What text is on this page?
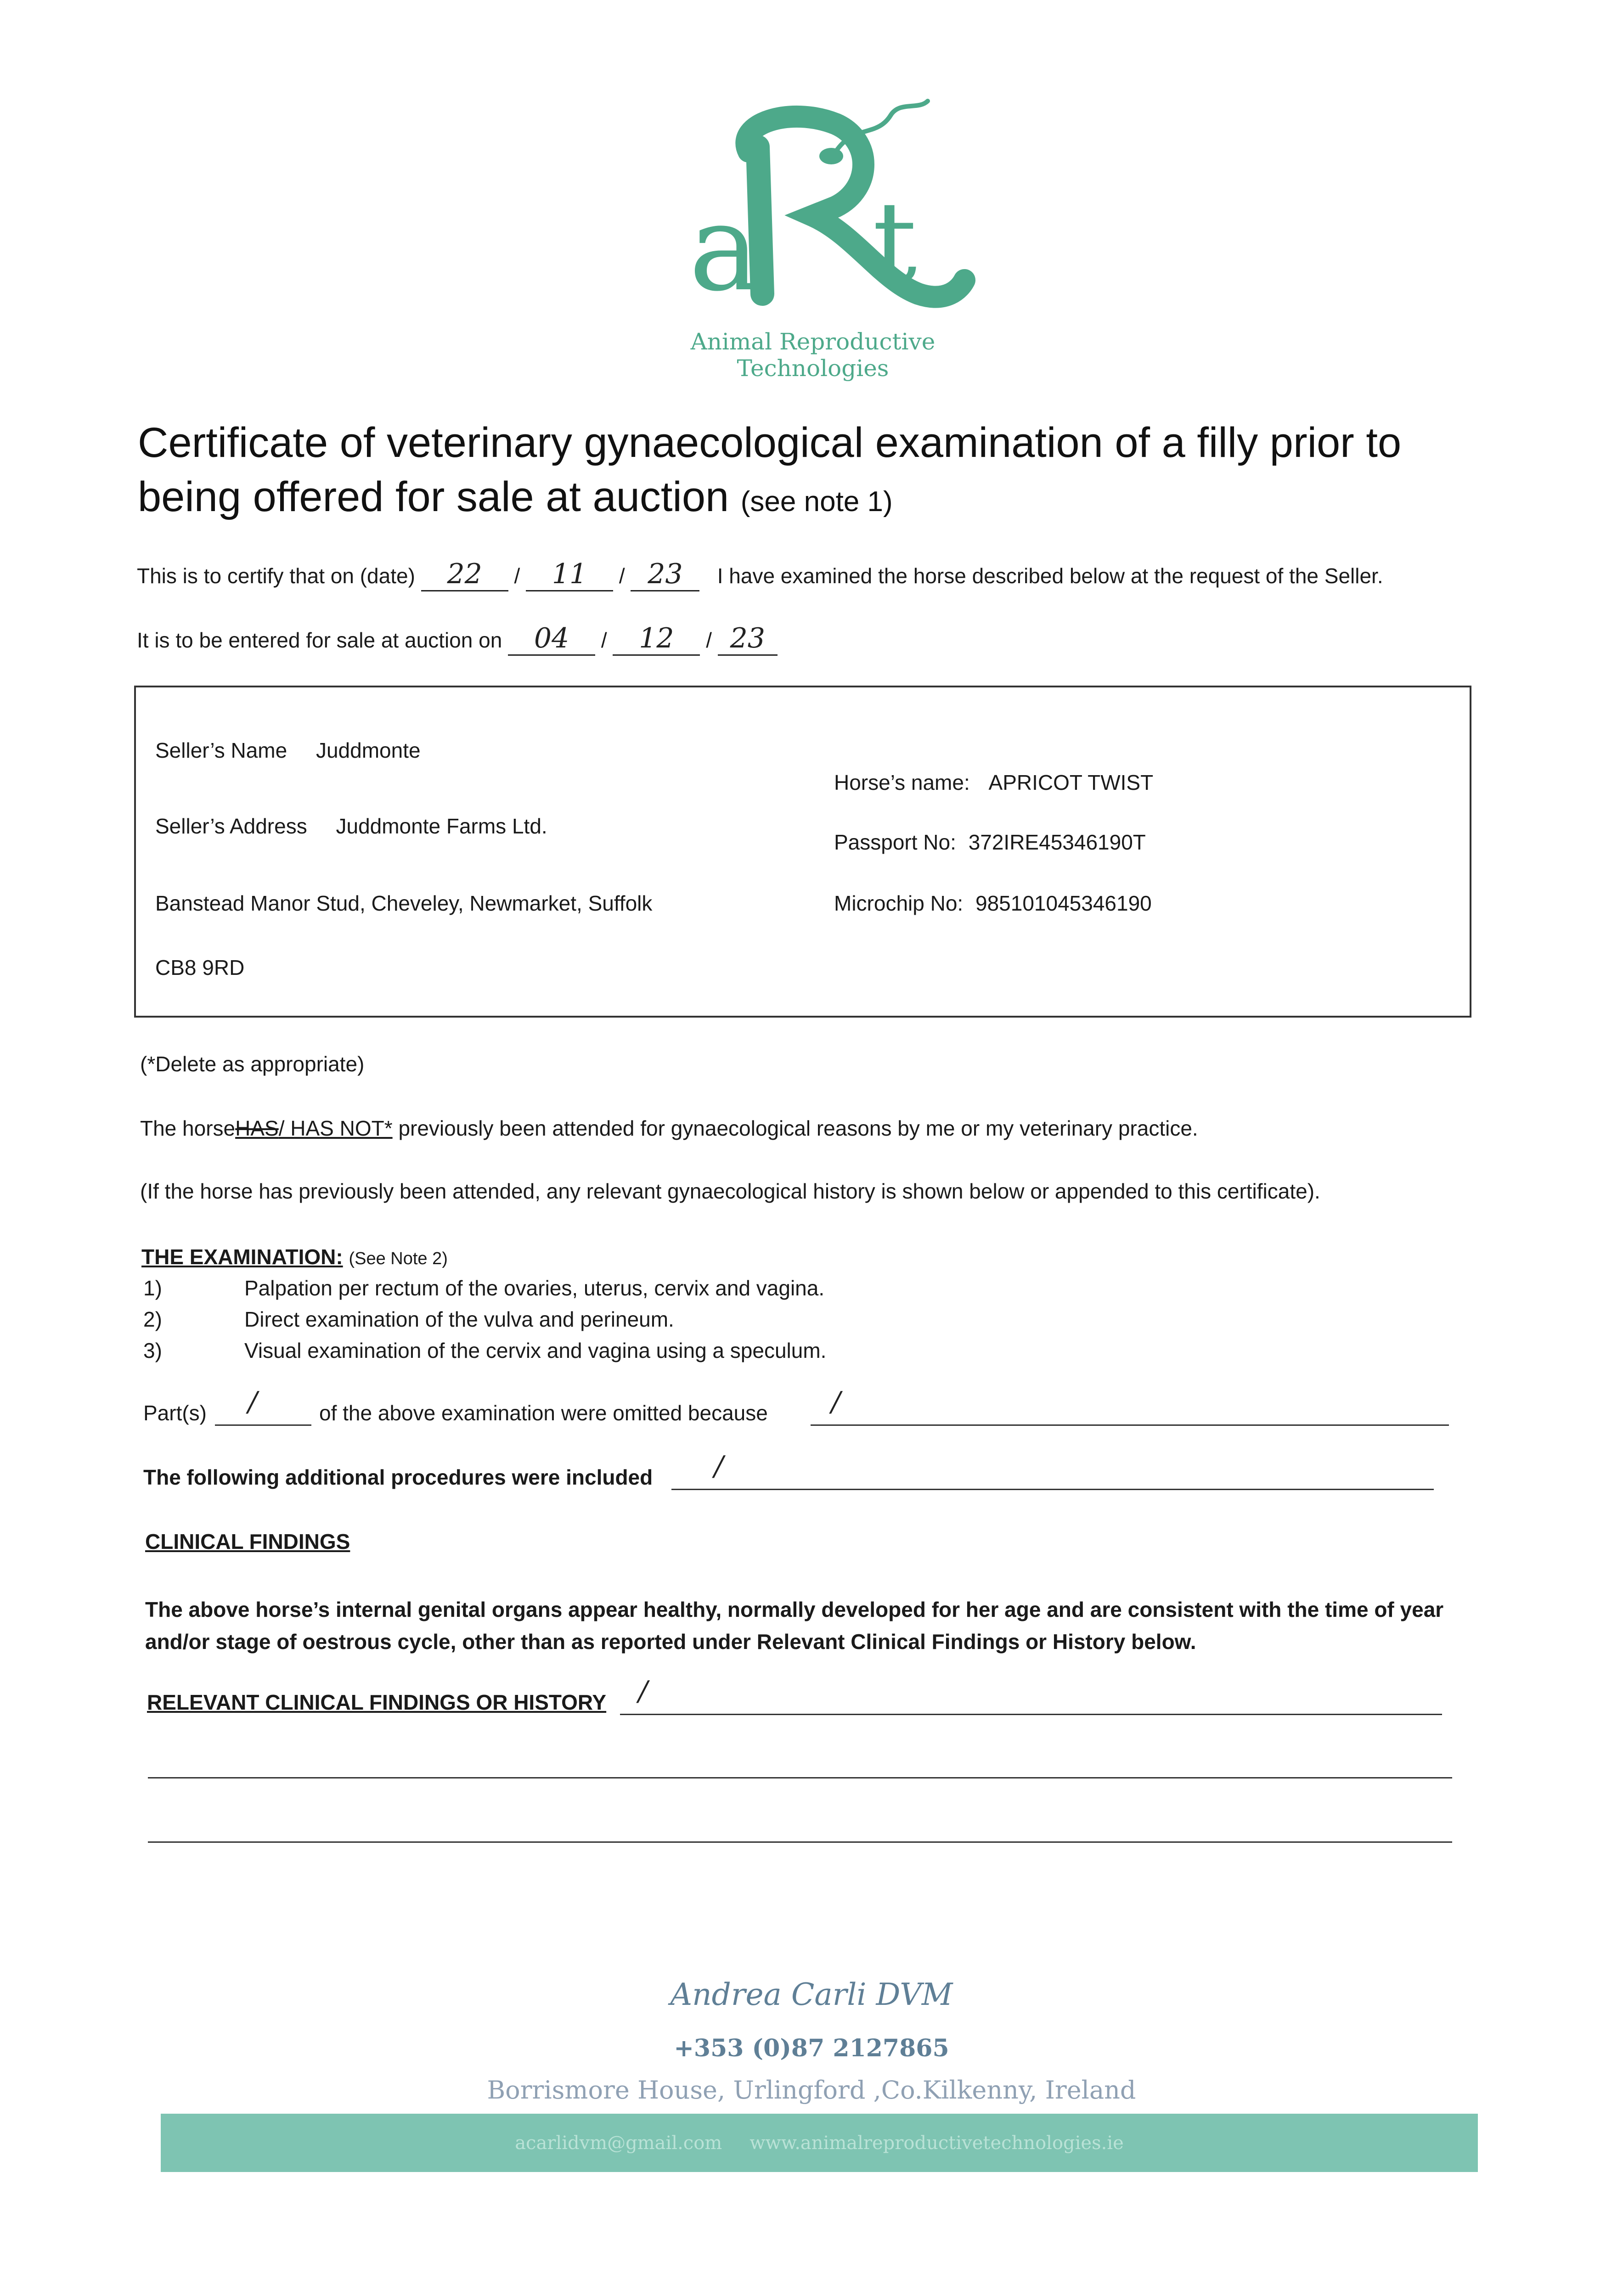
a t
Animal Reproductive Technologies
Certificate of veterinary gynaecological examination of a filly prior to being offered for sale at auction (see note 1)
This is to certify that on (date) 22 / 11 / 23 I have examined the horse described below at the request of the Seller.
It is to be entered for sale at auction on 04 / 12 / 23
Seller’s Name Juddmonte
Seller’s Address Juddmonte Farms Ltd.
Banstead Manor Stud, Cheveley, Newmarket, Suffolk
CB8 9RD
Horse’s name: APRICOT TWIST
Passport No: 372IRE45346190T
Microchip No: 985101045346190
(*Delete as appropriate)
The horseHAS/ HAS NOT* previously been attended for gynaecological reasons by me or my veterinary practice.
(If the horse has previously been attended, any relevant gynaecological history is shown below or appended to this certificate).
THE EXAMINATION: (See Note 2)
1)	Palpation per rectum of the ovaries, uterus, cervix and vagina.
2)	Direct examination of the vulva and perineum.
3)	Visual examination of the cervix and vagina using a speculum.
Part(s) /	of the above examination were omitted because /
The following additional procedures were included /
CLINICAL FINDINGS
The above horse’s internal genital organs appear healthy, normally developed for her age and are consistent with the time of year and/or stage of oestrous cycle, other than as reported under Relevant Clinical Findings or History below.
RELEVANT CLINICAL FINDINGS OR HISTORY /
Andrea Carli DVM
+353 (0)87 2127865
Borrismore House, Urlingford ,Co.Kilkenny, Ireland
acarlidvm@gmail.com www.animalreproductivetechnologies.ie
